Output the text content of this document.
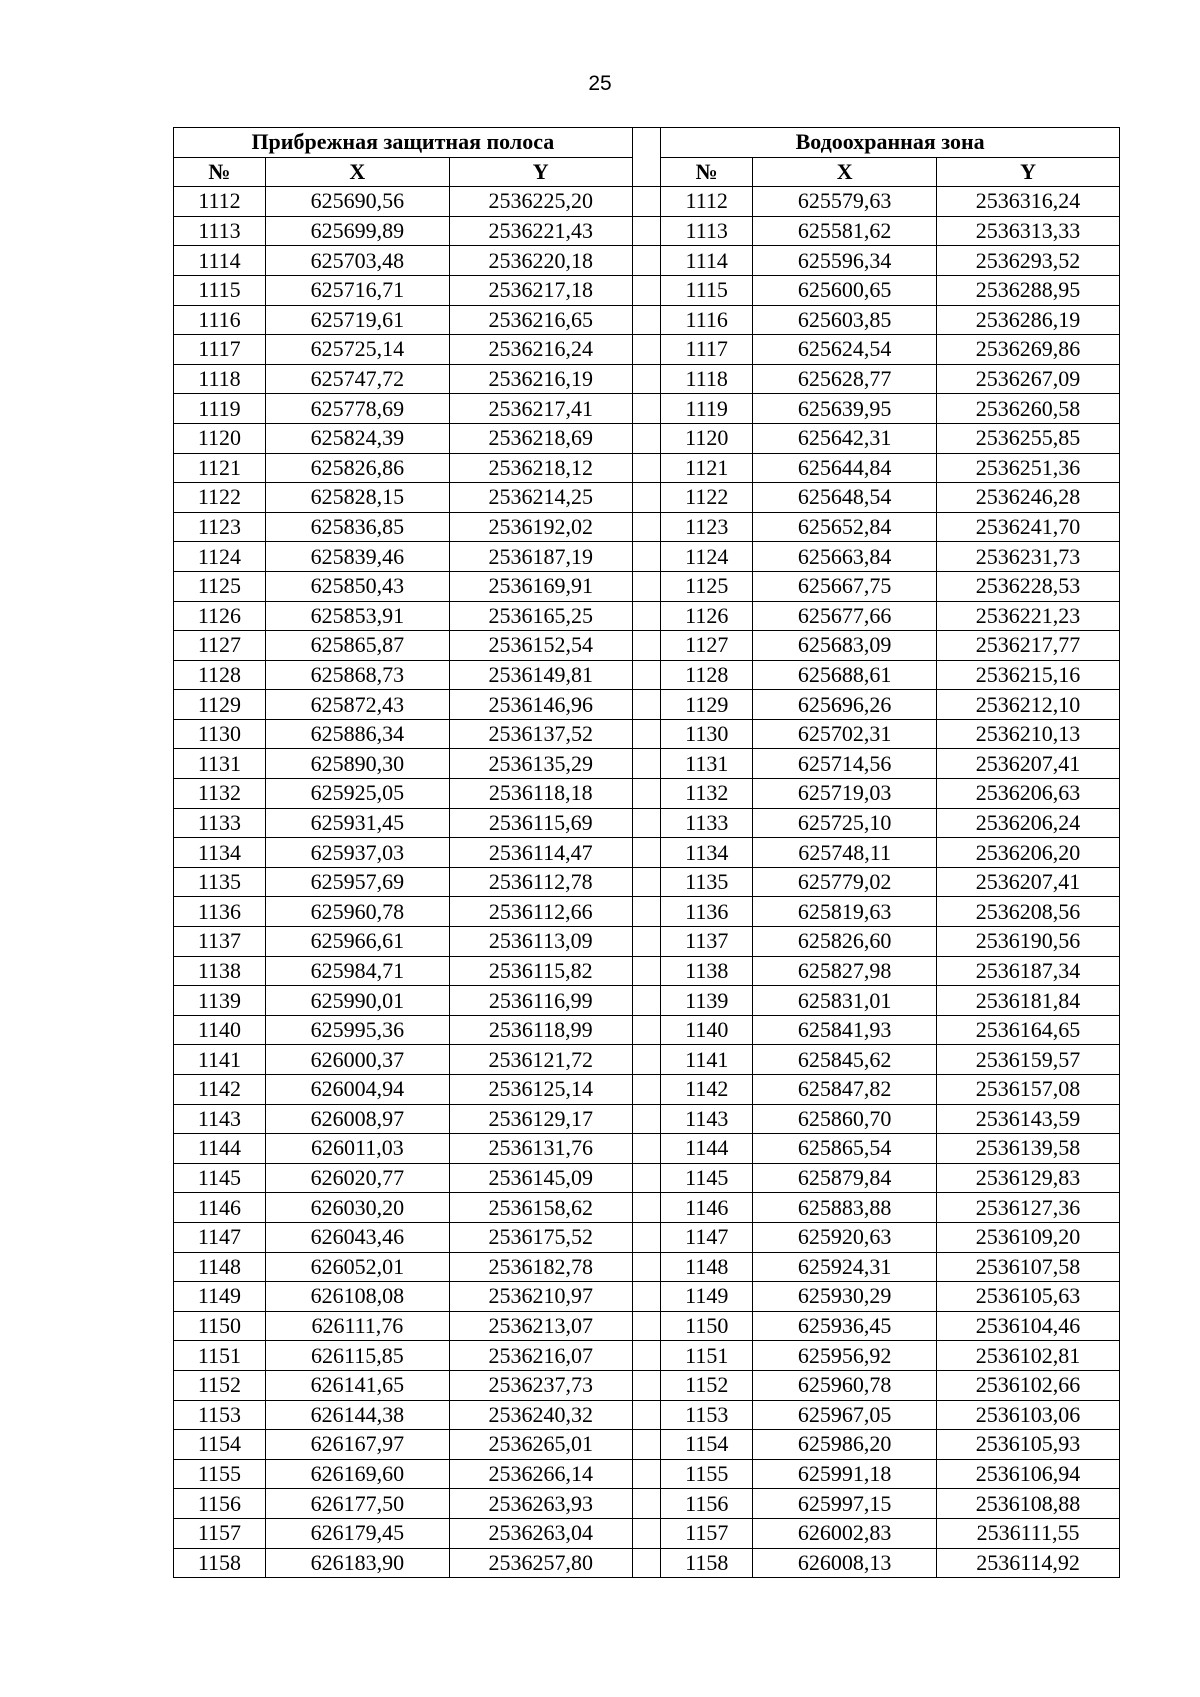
25
Прибрежная защитная полоса				Водоохранная зона		
№	X	Y		№	X	Y
1112	625690,56	2536225,20		1112	625579,63	2536316,24
1113	625699,89	2536221,43		1113	625581,62	2536313,33
1114	625703,48	2536220,18		1114	625596,34	2536293,52
1115	625716,71	2536217,18		1115	625600,65	2536288,95
1116	625719,61	2536216,65		1116	625603,85	2536286,19
1117	625725,14	2536216,24		1117	625624,54	2536269,86
1118	625747,72	2536216,19		1118	625628,77	2536267,09
1119	625778,69	2536217,41		1119	625639,95	2536260,58
1120	625824,39	2536218,69		1120	625642,31	2536255,85
1121	625826,86	2536218,12		1121	625644,84	2536251,36
1122	625828,15	2536214,25		1122	625648,54	2536246,28
1123	625836,85	2536192,02		1123	625652,84	2536241,70
1124	625839,46	2536187,19		1124	625663,84	2536231,73
1125	625850,43	2536169,91		1125	625667,75	2536228,53
1126	625853,91	2536165,25		1126	625677,66	2536221,23
1127	625865,87	2536152,54		1127	625683,09	2536217,77
1128	625868,73	2536149,81		1128	625688,61	2536215,16
1129	625872,43	2536146,96		1129	625696,26	2536212,10
1130	625886,34	2536137,52		1130	625702,31	2536210,13
1131	625890,30	2536135,29		1131	625714,56	2536207,41
1132	625925,05	2536118,18		1132	625719,03	2536206,63
1133	625931,45	2536115,69		1133	625725,10	2536206,24
1134	625937,03	2536114,47		1134	625748,11	2536206,20
1135	625957,69	2536112,78		1135	625779,02	2536207,41
1136	625960,78	2536112,66		1136	625819,63	2536208,56
1137	625966,61	2536113,09		1137	625826,60	2536190,56
1138	625984,71	2536115,82		1138	625827,98	2536187,34
1139	625990,01	2536116,99		1139	625831,01	2536181,84
1140	625995,36	2536118,99		1140	625841,93	2536164,65
1141	626000,37	2536121,72		1141	625845,62	2536159,57
1142	626004,94	2536125,14		1142	625847,82	2536157,08
1143	626008,97	2536129,17		1143	625860,70	2536143,59
1144	626011,03	2536131,76		1144	625865,54	2536139,58
1145	626020,77	2536145,09		1145	625879,84	2536129,83
1146	626030,20	2536158,62		1146	625883,88	2536127,36
1147	626043,46	2536175,52		1147	625920,63	2536109,20
1148	626052,01	2536182,78		1148	625924,31	2536107,58
1149	626108,08	2536210,97		1149	625930,29	2536105,63
1150	626111,76	2536213,07		1150	625936,45	2536104,46
1151	626115,85	2536216,07		1151	625956,92	2536102,81
1152	626141,65	2536237,73		1152	625960,78	2536102,66
1153	626144,38	2536240,32		1153	625967,05	2536103,06
1154	626167,97	2536265,01		1154	625986,20	2536105,93
1155	626169,60	2536266,14		1155	625991,18	2536106,94
1156	626177,50	2536263,93		1156	625997,15	2536108,88
1157	626179,45	2536263,04		1157	626002,83	2536111,55
1158	626183,90	2536257,80		1158	626008,13	2536114,92
